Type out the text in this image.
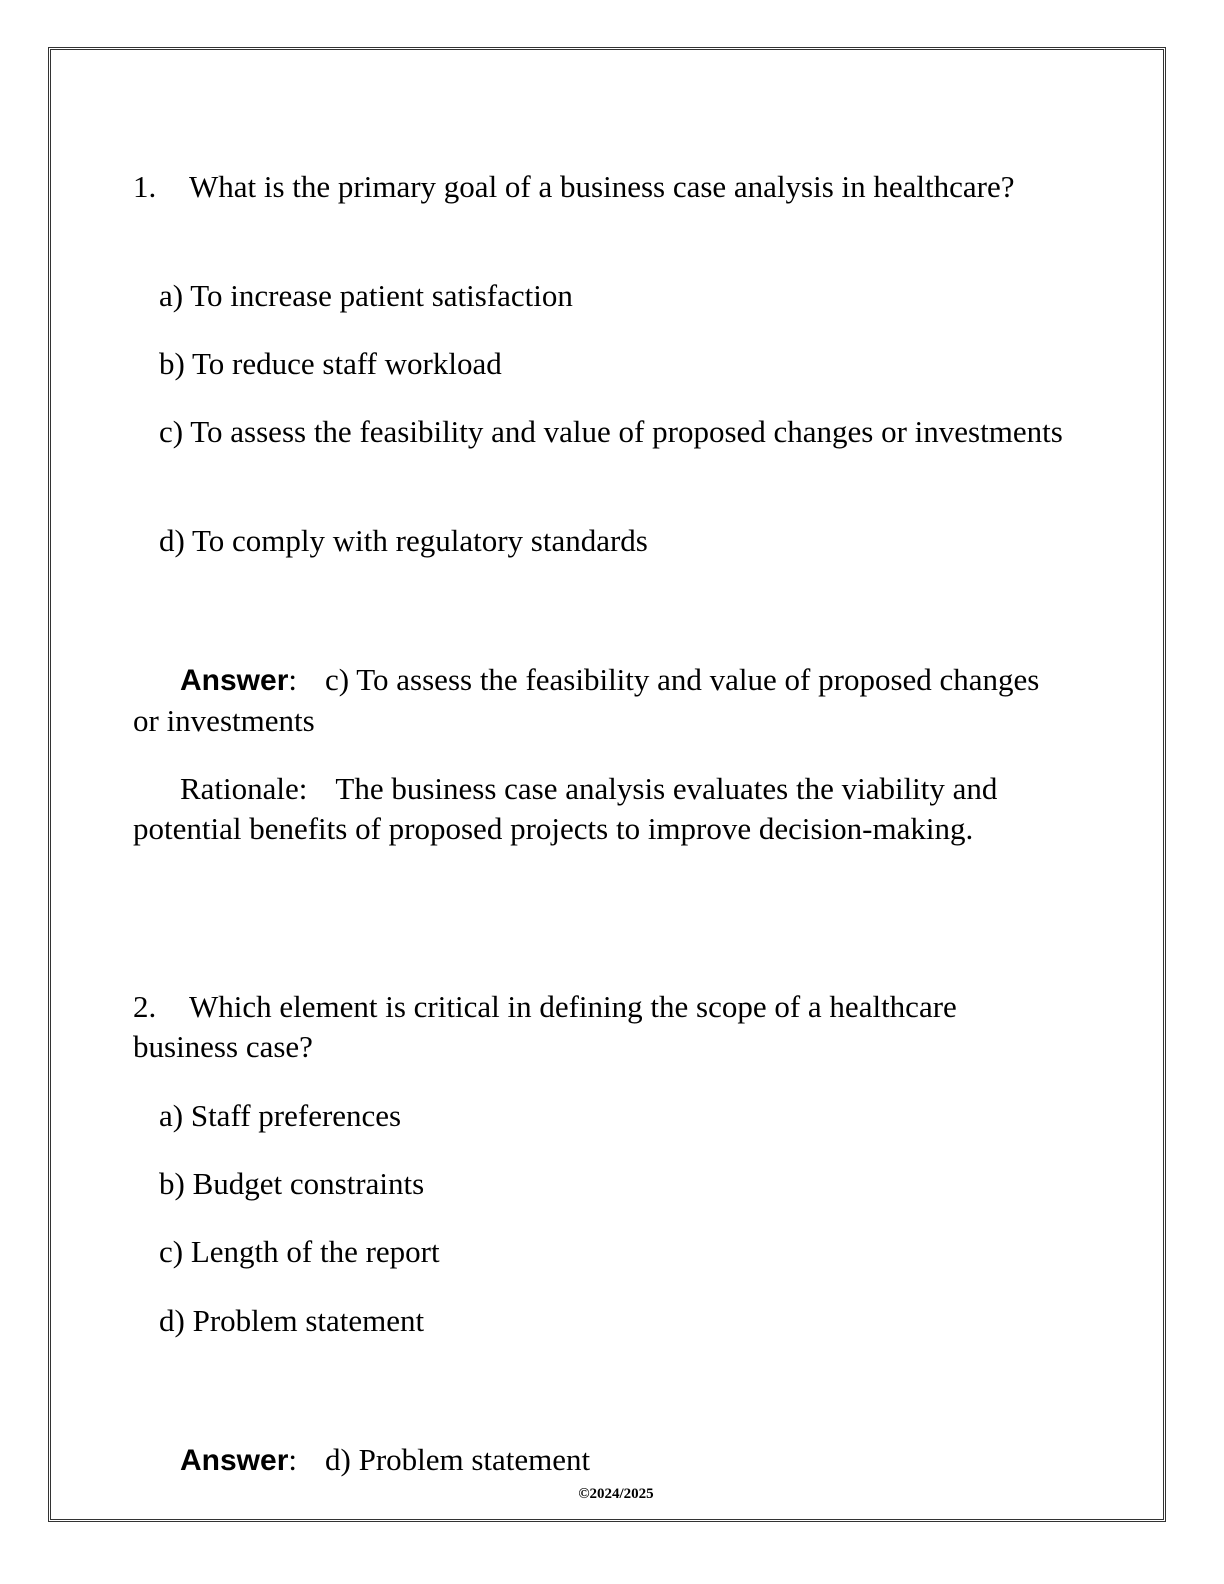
1. What is the primary goal of a business case analysis in healthcare?

a) To increase patient satisfaction

b) To reduce staff workload

c) To assess the feasibility and value of proposed changes or investments

d) To comply with regulatory standards

Answer: c) To assess the feasibility and value of proposed changes or investments

Rationale: The business case analysis evaluates the viability and potential benefits of proposed projects to improve decision-making.

2. Which element is critical in defining the scope of a healthcare business case?

a) Staff preferences

b) Budget constraints

c) Length of the report

d) Problem statement

Answer: d) Problem statement

©2024/2025
